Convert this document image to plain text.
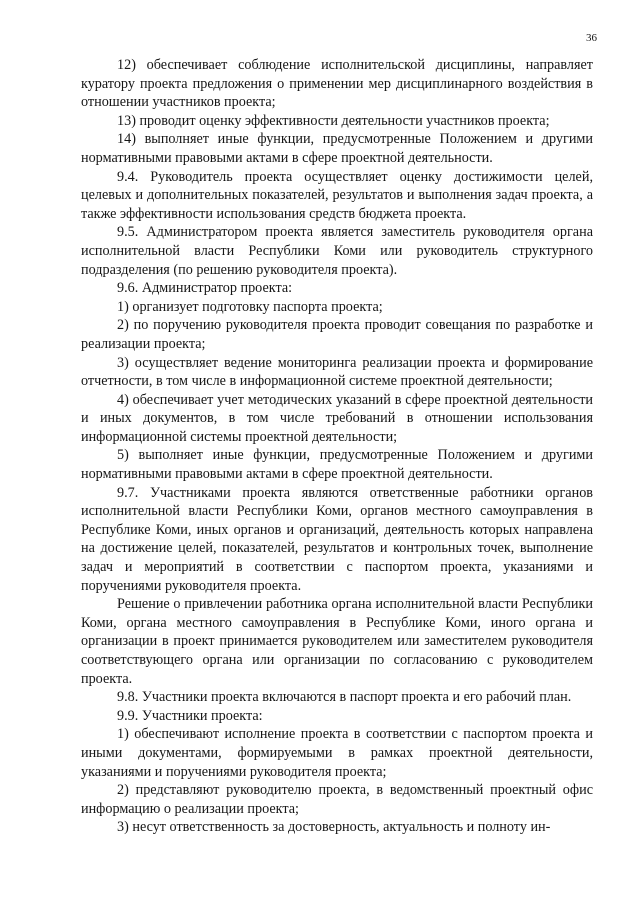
36

12) обеспечивает соблюдение исполнительской дисциплины, направляет куратору проекта предложения о применении мер дисциплинарного воздействия в отношении участников проекта;

13) проводит оценку эффективности деятельности участников проекта;

14) выполняет иные функции, предусмотренные Положением и другими нормативными правовыми актами в сфере проектной деятельности.

9.4. Руководитель проекта осуществляет оценку достижимости целей, целевых и дополнительных показателей, результатов и выполнения задач проекта, а также эффективности использования средств бюджета проекта.

9.5. Администратором проекта является заместитель руководителя органа исполнительной власти Республики Коми или руководитель структурного подразделения (по решению руководителя проекта).

9.6. Администратор проекта:

1) организует подготовку паспорта проекта;

2) по поручению руководителя проекта проводит совещания по разработке и реализации проекта;

3) осуществляет ведение мониторинга реализации проекта и формирование отчетности, в том числе в информационной системе проектной деятельности;

4) обеспечивает учет методических указаний в сфере проектной деятельности и иных документов, в том числе требований в отношении использования информационной системы проектной деятельности;

5) выполняет иные функции, предусмотренные Положением и другими нормативными правовыми актами в сфере проектной деятельности.

9.7. Участниками проекта являются ответственные работники органов исполнительной власти Республики Коми, органов местного самоуправления в Республике Коми, иных органов и организаций, деятельность которых направлена на достижение целей, показателей, результатов и контрольных точек, выполнение задач и мероприятий в соответствии с паспортом проекта, указаниями и поручениями руководителя проекта.

Решение о привлечении работника органа исполнительной власти Республики Коми, органа местного самоуправления в Республике Коми, иного органа и организации в проект принимается руководителем или заместителем руководителя соответствующего органа или организации по согласованию с руководителем проекта.

9.8. Участники проекта включаются в паспорт проекта и его рабочий план.

9.9. Участники проекта:

1) обеспечивают исполнение проекта в соответствии с паспортом проекта и иными документами, формируемыми в рамках проектной деятельности, указаниями и поручениями руководителя проекта;

2) представляют руководителю проекта, в ведомственный проектный офис информацию о реализации проекта;

3) несут ответственность за достоверность, актуальность и полноту ин-
